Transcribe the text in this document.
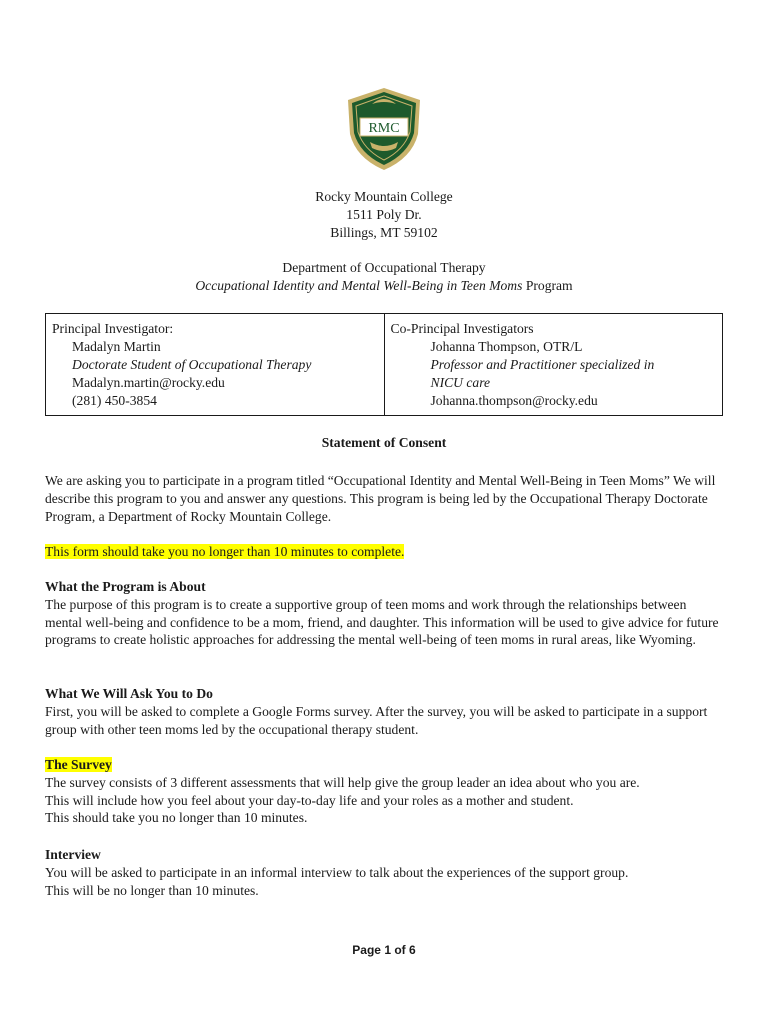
RMC
Rocky Mountain College
1511 Poly Dr.
Billings, MT 59102
Department of Occupational Therapy
Occupational Identity and Mental Well-Being in Teen Moms Program
Principal Investigator:
Madalyn Martin
Doctorate Student of Occupational Therapy
Madalyn.martin@rocky.edu
(281) 450-3854

Co-Principal Investigators
Johanna Thompson, OTR/L
Professor and Practitioner specialized in
NICU care
Johanna.thompson@rocky.edu
Statement of Consent

We are asking you to participate in a program titled “Occupational Identity and Mental Well-Being in Teen Moms” We will describe this program to you and answer any questions. This program is being led by the Occupational Therapy Doctorate Program, a Department of Rocky Mountain College.

This form should take you no longer than 10 minutes to complete.

What the Program is About

The purpose of this program is to create a supportive group of teen moms and work through the relationships between mental well-being and confidence to be a mom, friend, and daughter. This information will be used to give advice for future programs to create holistic approaches for addressing the mental well-being of teen moms in rural areas, like Wyoming.

What We Will Ask You to Do

First, you will be asked to complete a Google Forms survey. After the survey, you will be asked to participate in a support group with other teen moms led by the occupational therapy student.

The Survey

The survey consists of 3 different assessments that will help give the group leader an idea about who you are.

This will include how you feel about your day-to-day life and your roles as a mother and student.

This should take you no longer than 10 minutes.

Interview

You will be asked to participate in an informal interview to talk about the experiences of the support group.

This will be no longer than 10 minutes.

Page 1 of 6
